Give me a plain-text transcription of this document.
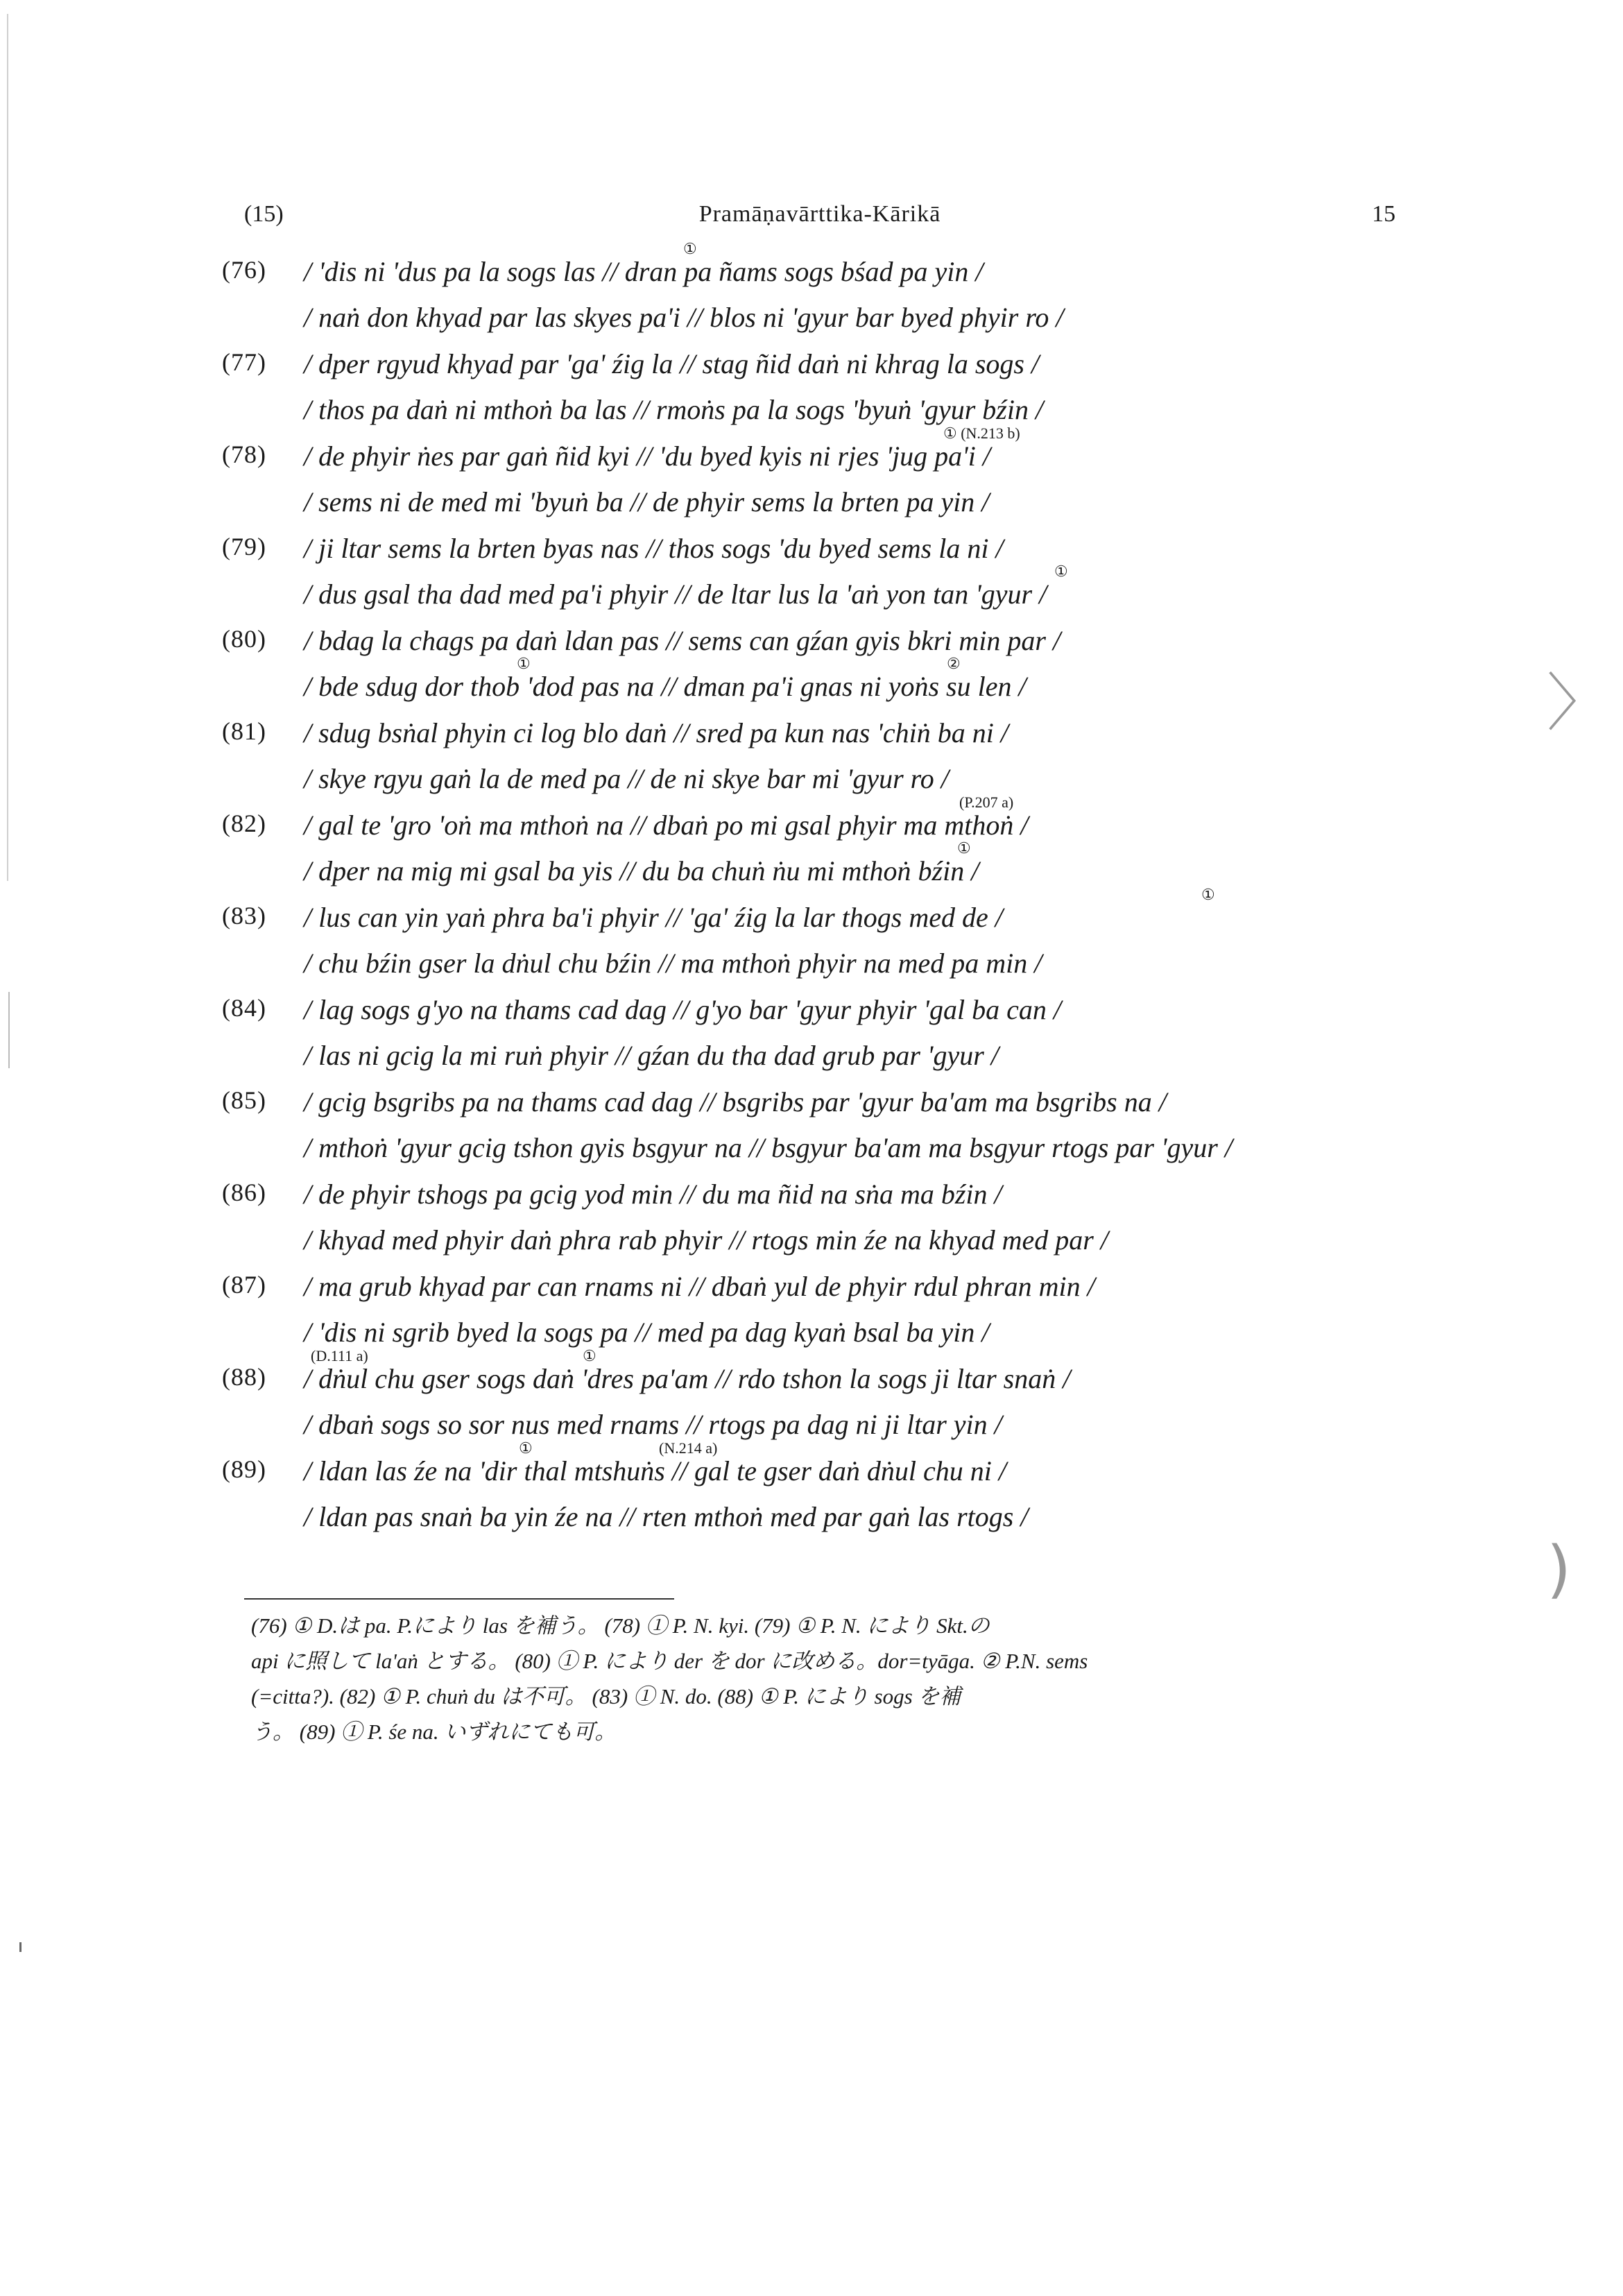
〉
)
(15)	Pramāṇavārttika-Kārikā	15
(76) / 'dis ni 'dus pa la sogs las // dran pa ñams sogs bśad pa yin /
/ naṅ don khyad par las skyes pa'i // blos ni 'gyur bar byed phyir ro /
(77) / dper rgyud khyad par 'ga' źig la // stag ñid daṅ ni khrag la sogs /
/ thos pa daṅ ni mthoṅ ba las // rmoṅs pa la sogs 'byuṅ 'gyur bźin /
(78) / de phyir ṅes par gaṅ ñid kyi // 'du byed kyis ni rjes 'jug pa'i /
/ sems ni de med mi 'byuṅ ba // de phyir sems la brten pa yin /
(79) / ji ltar sems la brten byas nas // thos sogs 'du byed sems la ni /
/ dus gsal tha dad med pa'i phyir // de ltar lus la 'aṅ yon tan 'gyur /
(80) / bdag la chags pa daṅ ldan pas // sems can gźan gyis bkri min par /
/ bde sdug dor thob 'dod pas na // dman pa'i gnas ni yoṅs su len /
(81) / sdug bsṅal phyin ci log blo daṅ // sred pa kun nas 'chiṅ ba ni /
/ skye rgyu gaṅ la de med pa // de ni skye bar mi 'gyur ro /
(82) / gal te 'gro 'oṅ ma mthoṅ na // dbaṅ po mi gsal phyir ma mthoṅ /
/ dper na mig mi gsal ba yis // du ba chuṅ ṅu mi mthoṅ bźin /
(83) / lus can yin yaṅ phra ba'i phyir // 'ga' źig la lar thogs med de /
/ chu bźin gser la dṅul chu bźin // ma mthoṅ phyir na med pa min /
(84) / lag sogs g'yo na thams cad dag // g'yo bar 'gyur phyir 'gal ba can /
/ las ni gcig la mi ruṅ phyir // gźan du tha dad grub par 'gyur /
(85) / gcig bsgribs pa na thams cad dag // bsgribs par 'gyur ba'am ma bsgribs na /
/ mthoṅ 'gyur gcig tshon gyis bsgyur na // bsgyur ba'am ma bsgyur rtogs par 'gyur /
(86) / de phyir tshogs pa gcig yod min // du ma ñid na sṅa ma bźin /
/ khyad med phyir daṅ phra rab phyir // rtogs min źe na khyad med par /
(87) / ma grub khyad par can rnams ni // dbaṅ yul de phyir rdul phran min /
/ 'dis ni sgrib byed la sogs pa // med pa dag kyaṅ bsal ba yin /
(88) / dṅul chu gser sogs daṅ 'dres pa'am // rdo tshon la sogs ji ltar snaṅ /
/ dbaṅ sogs so sor nus med rnams // rtogs pa dag ni ji ltar yin /
(89) / ldan las źe na 'dir thal mtshuṅs // gal te gser daṅ dṅul chu ni /
/ ldan pas snaṅ ba yin źe na // rten mthoṅ med par gaṅ las rtogs /
①
① (N.213 b)
①
①	②
(P.207 a)
①
①
(D.111 a)	①
①	(N.214 a)
(76) ① D.は pa. P.により las を補う。 (78) ① P. N. kyi. (79) ① P. N. により Skt.の
api に照して la'aṅ とする。 (80) ① P. により der を dor に改める。dor=tyāga. ② P.N. sems
(=citta?). (82) ① P. chuṅ du は不可。 (83) ① N. do. (88) ① P. により sogs を補
う。 (89) ① P. śe na. いずれにても可。
